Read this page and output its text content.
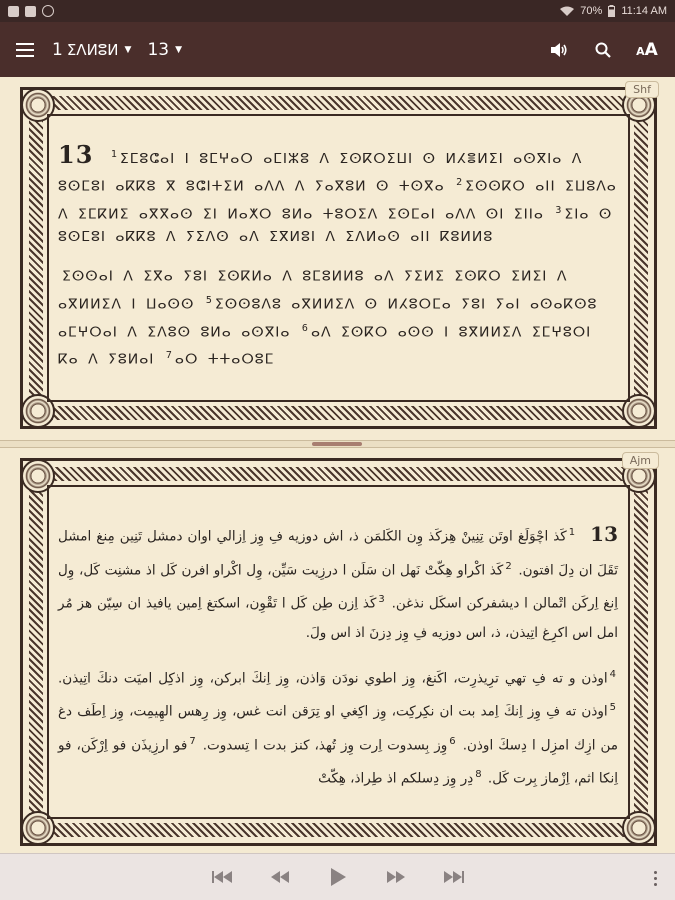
70% 11:14 AM
1 ⵉⴷⵍⵓⵍ ▼ 13 ▼	AA
Shf
13 $^1$ ⵉⵎⵓⵛⴰⵏ ⵏ ⵓⵎⵖⴰⵔ ⴰⵎⵏⵣⵓ ⴷ ⵉⵙⴽⵔⵉⵡⵏ ⵙ ⵍⵃⴻⵍⵉⵏ ⴰⵙⴳⵏⴰ ⴷ ⵓⵙⵎⵓⵏ ⴰⴽⴽⵓ ⴳ ⵓⵛⵏⵜⵉⵍ ⴰⴷⴷ ⴷ ⵢⴰⴳⵓⵍ ⵙ ⵜⵙⴳⴰ $^2$ ⵉⵙⵙⴽⵔ ⴰⵏⵏ ⵉⵡⵓⴷⴰ ⴷ ⵉⵎⴽⵍⵉ ⴰⴳⴳⴰⵙ ⵉⵏ ⵍⴰⵅⵔ ⵓⵍⴰ ⵜⵓⵔⵉⴷ ⵉⵙⵎⴰⵏ ⴰⴷⴷ ⵙⵏ ⵉⵏⵏⴰ $^3$ ⵉⵏⴰ ⵙ ⵓⵙⵎⵓⵏ ⴰⴽⴽⵓ ⴷ ⵢⵉⴷⵙ ⴰⴷ ⵉⴳⵍⵓⵏ ⴷ ⵉⴷⵍⴰⵙ ⴰⵏⵏ ⴽⵓⵍⵍⵓ
ⵉⵙⵙⴰⵏ ⴷ ⵉⴳⴰ ⵢⵓⵏ ⵉⵙⴽⵍⴰ ⴷ ⵓⵎⵓⵍⵍⵓ ⴰⴷ ⵢⵉⵍⵉ ⵉⵙⴽⵔ ⵉⵍⵉⵏ ⴷ ⴰⴳⵍⵍⵉⴷ ⵏ ⵡⴰⵙⵙ $^5$ ⵉⵙⵙⵓⴷⵓ ⴰⴳⵍⵍⵉⴷ ⵙ ⵍⵃⵓⵔⵎⴰ ⵢⵓⵏ ⵢⴰⵏ ⴰⵙⴰⴽⵙⵓ ⴰⵎⵖⵔⴰⵏ ⴷ ⵉⴷⵓⵙ ⵓⵍⴰ ⴰⵙⴳⵏⴰ $^6$ ⴰⴷ ⵉⵙⴽⵔ ⴰⵙⵙ ⵏ ⵓⴳⵍⵍⵉⴷ ⵉⵎⵖⵓⵔⵏ ⴽⴰ ⴷ ⵢⵓⵍⴰⵏ $^7$ ⴰⵔ ⵜⵜⴰⵔⵓⵎ
Ajm
13 $^1$كَذ اچْوَلَغ اوتَن تِنِينْ هِزكَذ وِن الكَلمَن ذ، اش دوزيه فِ وِز اِزالي اوان دمشل تَنِين مِنغ امشل تَقَلَ ان دِلَ افتون. $^2$كَذ اكْراو هِكّتْ نَهل ان سَلَن ا درزِيت سَيِّن، وِل اكْراو افرن كَل اذ مشنِت كَل، وِل اِنغ اِركَن اتْمالن ا ديشفركن اسكَل نذغن. $^3$كَذ اِزن طِن كَل ا تَقْوِن، اسكتغ اِمين يافيذ ان سِيّن هز مُر امل اس اكرِغ اتِيذن، ذ، اس دوزيه فِ وِز دِزنَ اذ اس ولَ.
$^4$اوذن و ته فِ تهي ترِيذرِت، اكَنغ، وِز اطوي نودَن وَاذن، وِز اِنكَ ابركن، وِز اذكِل اميَت دنكَ اتِيذن. $^5$اوذن ته فِ وِز اِنكَ اِمد بت ان نكِركِت، وِز اكِغي او تِرَقن انت غس، وِز رِهس الهِيمِت، وِز اِطَف دغ من ازِك امزِل ا دِسكَ اوذن. $^6$وِز بِسدوت اِرت وِز تُهذ، كنز بدت ا تِسدوت. $^7$فو ارزِيذَن فو اِرْكَن، فو اِنكا اثم، اِزْماز بِرت كَل. $^8$دِر وِز دِسلكم اذ طِراذ، هِكّتْ
